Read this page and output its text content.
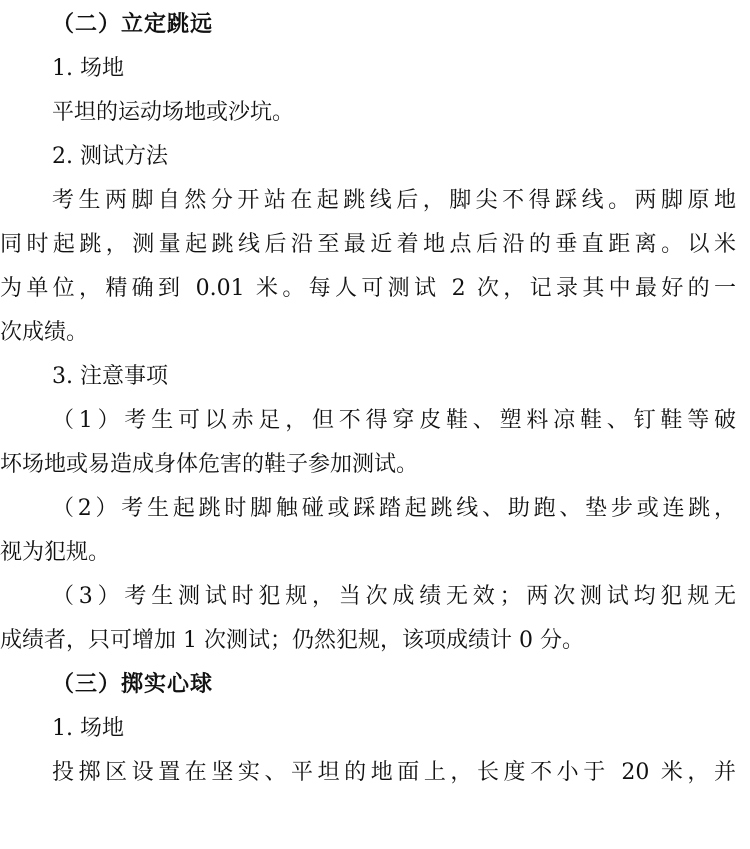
（二）立定跳远
1. 场地
平坦的运动场地或沙坑。
2. 测试方法
考生两脚自然分开站在起跳线后，脚尖不得踩线。两脚原地
同时起跳，测量起跳线后沿至最近着地点后沿的垂直距离。以米
为单位，精确到 0.01 米。每人可测试 2 次，记录其中最好的一
次成绩。
3. 注意事项
（1）考生可以赤足，但不得穿皮鞋、塑料凉鞋、钉鞋等破
坏场地或易造成身体危害的鞋子参加测试。
（2）考生起跳时脚触碰或踩踏起跳线、助跑、垫步或连跳，
视为犯规。
（3）考生测试时犯规，当次成绩无效；两次测试均犯规无
成绩者，只可增加 1 次测试；仍然犯规，该项成绩计 0 分。
（三）掷实心球
1. 场地
投掷区设置在坚实、平坦的地面上，长度不小于 20 米，并
